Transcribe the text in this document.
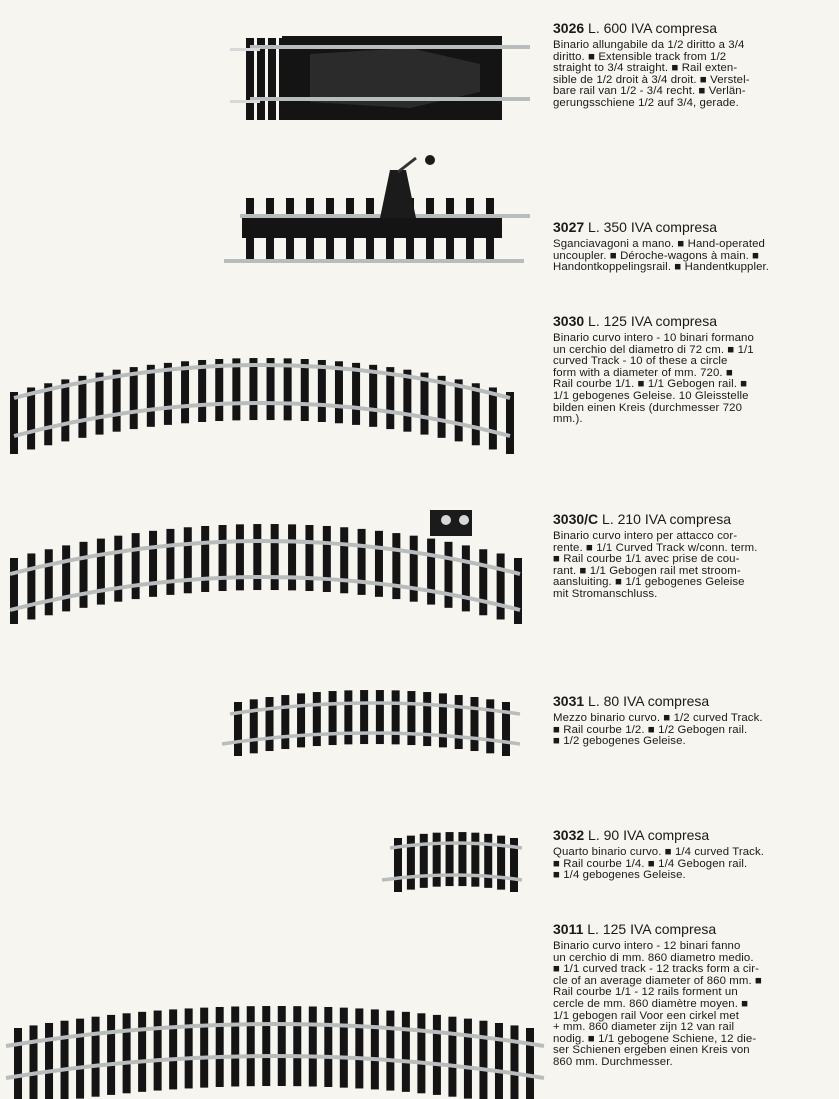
3026 L. 600 IVA compresa
Binario allungabile da 1/2 diritto a 3/4
diritto. ■ Extensible track from 1/2
straight to 3/4 straight. ■ Rail exten-
sible de 1/2 droit à 3/4 droit. ■ Verstel-
bare rail van 1/2 - 3/4 recht. ■ Verlän-
gerungsschiene 1/2 auf 3/4, gerade.
3027 L. 350 IVA compresa
Sganciavagoni a mano. ■ Hand-operated
uncoupler. ■ Déroche-wagons à main. ■
Handontkoppelingsrail. ■ Handentkuppler.
3030 L. 125 IVA compresa
Binario curvo intero - 10 binari formano
un cerchio del diametro di 72 cm. ■ 1/1
curved Track - 10 of these a circle
form with a diameter of mm. 720. ■
Rail courbe 1/1. ■ 1/1 Gebogen rail. ■
1/1 gebogenes Geleise. 10 Gleisstelle
bilden einen Kreis (durchmesser 720
mm.).
3030/C L. 210 IVA compresa
Binario curvo intero per attacco cor-
rente. ■ 1/1 Curved Track w/conn. term.
■ Rail courbe 1/1 avec prise de cou-
rant. ■ 1/1 Gebogen rail met stroom-
aansluiting. ■ 1/1 gebogenes Geleise
mit Stromanschluss.
3031 L. 80 IVA compresa
Mezzo binario curvo. ■ 1/2 curved Track.
■ Rail courbe 1/2. ■ 1/2 Gebogen rail.
■ 1/2 gebogenes Geleise.
3032 L. 90 IVA compresa
Quarto binario curvo. ■ 1/4 curved Track.
■ Rail courbe 1/4. ■ 1/4 Gebogen rail.
■ 1/4 gebogenes Geleise.
3011 L. 125 IVA compresa
Binario curvo intero - 12 binari fanno
un cerchio di mm. 860 diametro medio.
■ 1/1 curved track - 12 tracks form a cir-
cle of an average diameter of 860 mm. ■
Rail courbe 1/1 - 12 rails forment un
cercle de mm. 860 diamètre moyen. ■
1/1 gebogen rail Voor een cirkel met
+ mm. 860 diameter zijn 12 van rail
nodig. ■ 1/1 gebogene Schiene, 12 die-
ser Schienen ergeben einen Kreis von
860 mm. Durchmesser.
